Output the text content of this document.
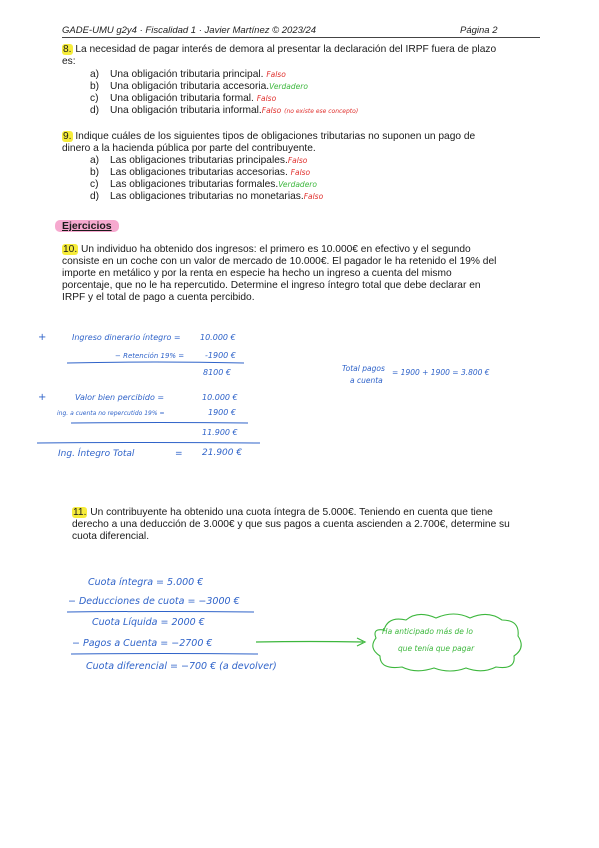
GADE-UMU g2y4 · Fiscalidad 1 · Javier Martínez © 2023/24	Página 2
8. La necesidad de pagar interés de demora al presentar la declaración del IRPF fuera de plazo
es:
a) Una obligación tributaria principal. Falso
b) Una obligación tributaria accesoria.Verdadero
c) Una obligación tributaria formal. Falso
d) Una obligación tributaria informal.Falso (no existe ese concepto)
9. Indique cuáles de los siguientes tipos de obligaciones tributarias no suponen un pago de
dinero a la hacienda pública por parte del contribuyente.
a) Las obligaciones tributarias principales.Falso
b) Las obligaciones tributarias accesorias. Falso
c) Las obligaciones tributarias formales.Verdadero
d) Las obligaciones tributarias no monetarias.Falso
Ejercicios
10. Un individuo ha obtenido dos ingresos: el primero es 10.000€ en efectivo y el segundo
consiste en un coche con un valor de mercado de 10.000€. El pagador le ha retenido el 19% del
importe en metálico y por la renta en especie ha hecho un ingreso a cuenta del mismo
porcentaje, que no le ha repercutido. Determine el ingreso íntegro total que debe declarar en
IRPF y el total de pago a cuenta percibido.
+	Ingreso dinerario íntegro = 10.000 €
− Retención 19% =	-1900 €
8100 €
+	Valor bien percibido =	10.000 €
ing. a cuenta no repercutido 19% =	1900 €
11.900 €
Ing. Íntegro Total	= 21.900 €
Total pagos
a cuenta
= 1900 + 1900 = 3.800 €
11. Un contribuyente ha obtenido una cuota íntegra de 5.000€. Teniendo en cuenta que tiene
derecho a una deducción de 3.000€ y que sus pagos a cuenta ascienden a 2.700€, determine su
cuota diferencial.
Cuota íntegra = 5.000 €
− Deducciones de cuota = −3000 €
Cuota Líquida = 2000 €
− Pagos a Cuenta = −2700 €
Cuota diferencial = −700 € (a devolver)
Ha anticipado más de lo
que tenía que pagar
